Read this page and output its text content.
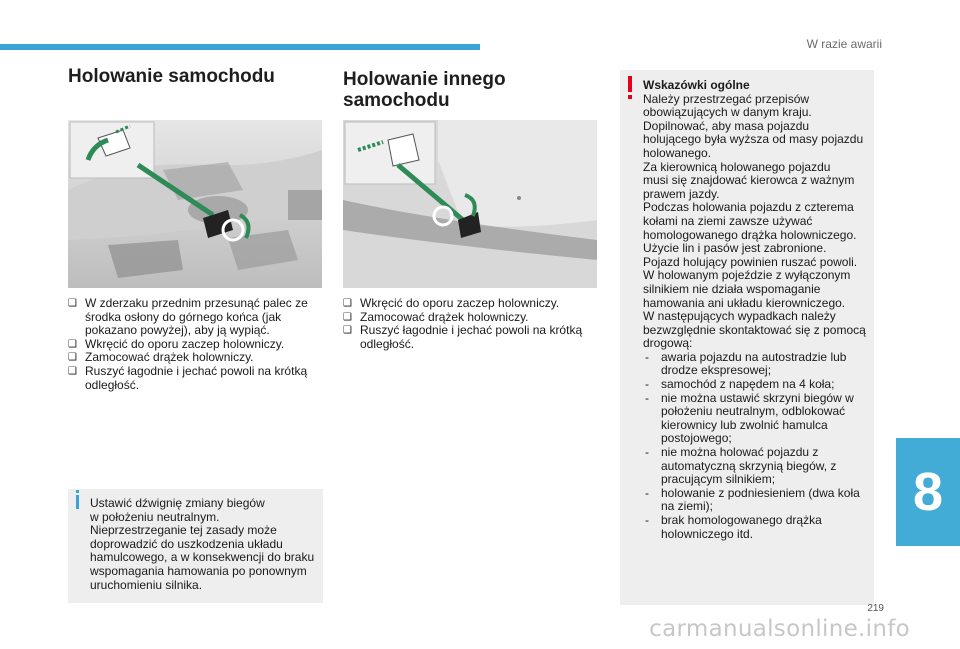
W razie awarii
Holowanie samochodu	Holowanie innego samochodu
❑ W zderzaku przednim przesunąć palec ze środka osłony do górnego końca (jak pokazano powyżej), aby ją wypiąć.
❑ Wkręcić do oporu zaczep holowniczy.
❑ Zamocować drążek holowniczy.
❑ Ruszyć łagodnie i jechać powoli na krótką odległość.
❑ Wkręcić do oporu zaczep holowniczy.
❑ Zamocować drążek holowniczy.
❑ Ruszyć łagodnie i jechać powoli na krótką odległość.
Ustawić dźwignię zmiany biegów
w położeniu neutralnym.
Nieprzestrzeganie tej zasady może
doprowadzić do uszkodzenia układu
hamulcowego, a w konsekwencji do braku
wspomagania hamowania po ponownym
uruchomieniu silnika.
Wskazówki ogólne
Należy przestrzegać przepisów
obowiązujących w danym kraju.
Dopilnować, aby masa pojazdu
holującego była wyższa od masy pojazdu
holowanego.
Za kierownicą holowanego pojazdu
musi się znajdować kierowca z ważnym
prawem jazdy.
Podczas holowania pojazdu z czterema
kołami na ziemi zawsze używać
homologowanego drążka holowniczego.
Użycie lin i pasów jest zabronione.
Pojazd holujący powinien ruszać powoli.
W holowanym pojeździe z wyłączonym
silnikiem nie działa wspomaganie
hamowania ani układu kierowniczego.
W następujących wypadkach należy
bezwzględnie skontaktować się z pomocą
drogową:
- awaria pojazdu na autostradzie lub drodze ekspresowej;
- samochód z napędem na 4 koła;
- nie można ustawić skrzyni biegów w położeniu neutralnym, odblokować kierownicy lub zwolnić hamulca postojowego;
- nie można holować pojazdu z automatyczną skrzynią biegów, z pracującym silnikiem;
- holowanie z podniesieniem (dwa koła na ziemi);
- brak homologowanego drążka holowniczego itd.
8
219
carmanualsonline.info
